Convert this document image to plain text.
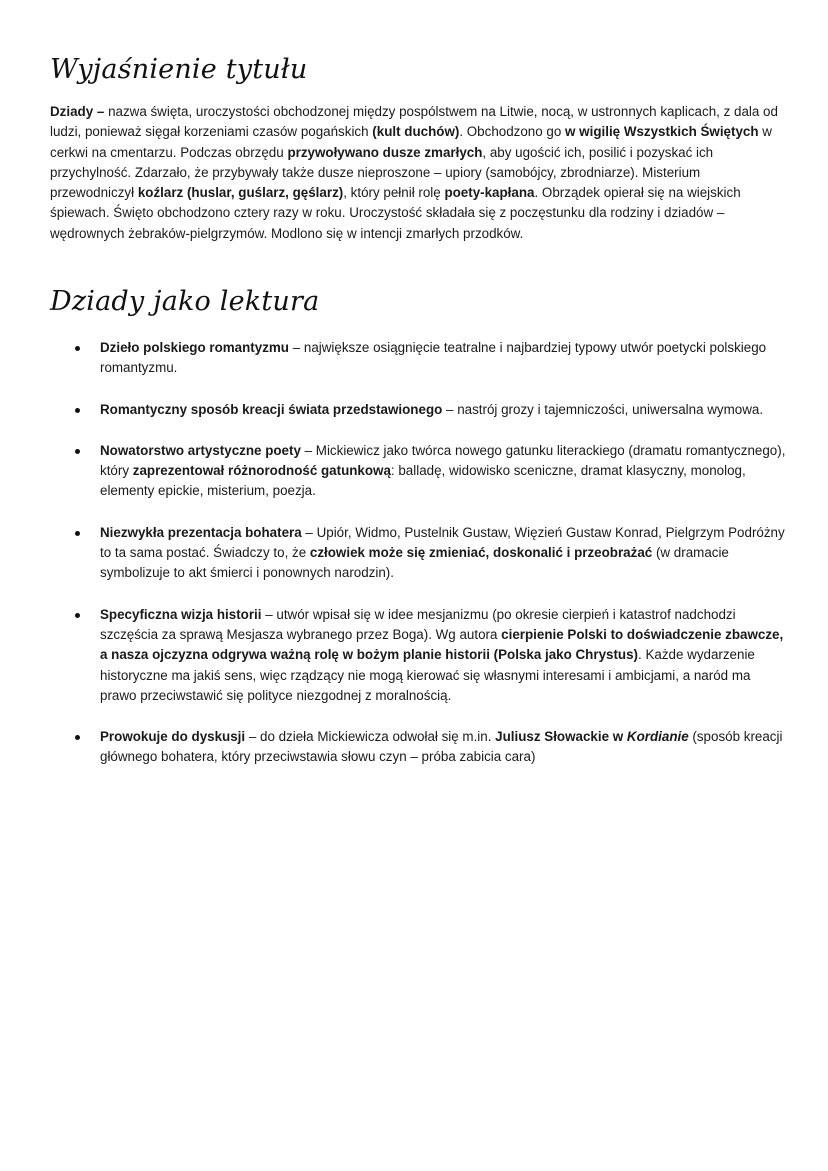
Wyjaśnienie tytułu
Dziady – nazwa święta, uroczystości obchodzonej między pospólstwem na Litwie, nocą, w ustronnych kaplicach, z dala od ludzi, ponieważ sięgał korzeniami czasów pogańskich (kult duchów). Obchodzono go w wigilię Wszystkich Świętych w cerkwi na cmentarzu. Podczas obrzędu przywoływano dusze zmarłych, aby ugościć ich, posilić i pozyskać ich przychylność. Zdarzało, że przybywały także dusze nieproszone – upiory (samobójcy, zbrodniarze). Misterium przewodniczył koźlarz (huslar, guślarz, gęślarz), który pełnił rolę poety-kapłana. Obrządek opierał się na wiejskich śpiewach. Święto obchodzono cztery razy w roku. Uroczystość składała się z poczęstunku dla rodziny i dziadów – wędrownych żebraków-pielgrzymów. Modlono się w intencji zmarłych przodków.
Dziady jako lektura
Dzieło polskiego romantyzmu – największe osiągnięcie teatralne i najbardziej typowy utwór poetycki polskiego romantyzmu.
Romantyczny sposób kreacji świata przedstawionego – nastrój grozy i tajemniczości, uniwersalna wymowa.
Nowatorstwo artystyczne poety – Mickiewicz jako twórca nowego gatunku literackiego (dramatu romantycznego), który zaprezentował różnorodność gatunkową: balladę, widowisko sceniczne, dramat klasyczny, monolog, elementy epickie, misterium, poezja.
Niezwykła prezentacja bohatera – Upiór, Widmo, Pustelnik Gustaw, Więzień Gustaw Konrad, Pielgrzym Podróżny to ta sama postać. Świadczy to, że człowiek może się zmieniać, doskonalić i przeobrażać (w dramacie symbolizuje to akt śmierci i ponownych narodzin).
Specyficzna wizja historii – utwór wpisał się w idee mesjanizmu (po okresie cierpień i katastrof nadchodzi szczęścia za sprawą Mesjasza wybranego przez Boga). Wg autora cierpienie Polski to doświadczenie zbawcze, a nasza ojczyzna odgrywa ważną rolę w bożym planie historii (Polska jako Chrystus). Każde wydarzenie historyczne ma jakiś sens, więc rządzący nie mogą kierować się własnymi interesami i ambicjami, a naród ma prawo przeciwstawić się polityce niezgodnej z moralnością.
Prowokuje do dyskusji – do dzieła Mickiewicza odwołał się m.in. Juliusz Słowackie w Kordianie (sposób kreacji głównego bohatera, który przeciwstawia słowu czyn – próba zabicia cara)
